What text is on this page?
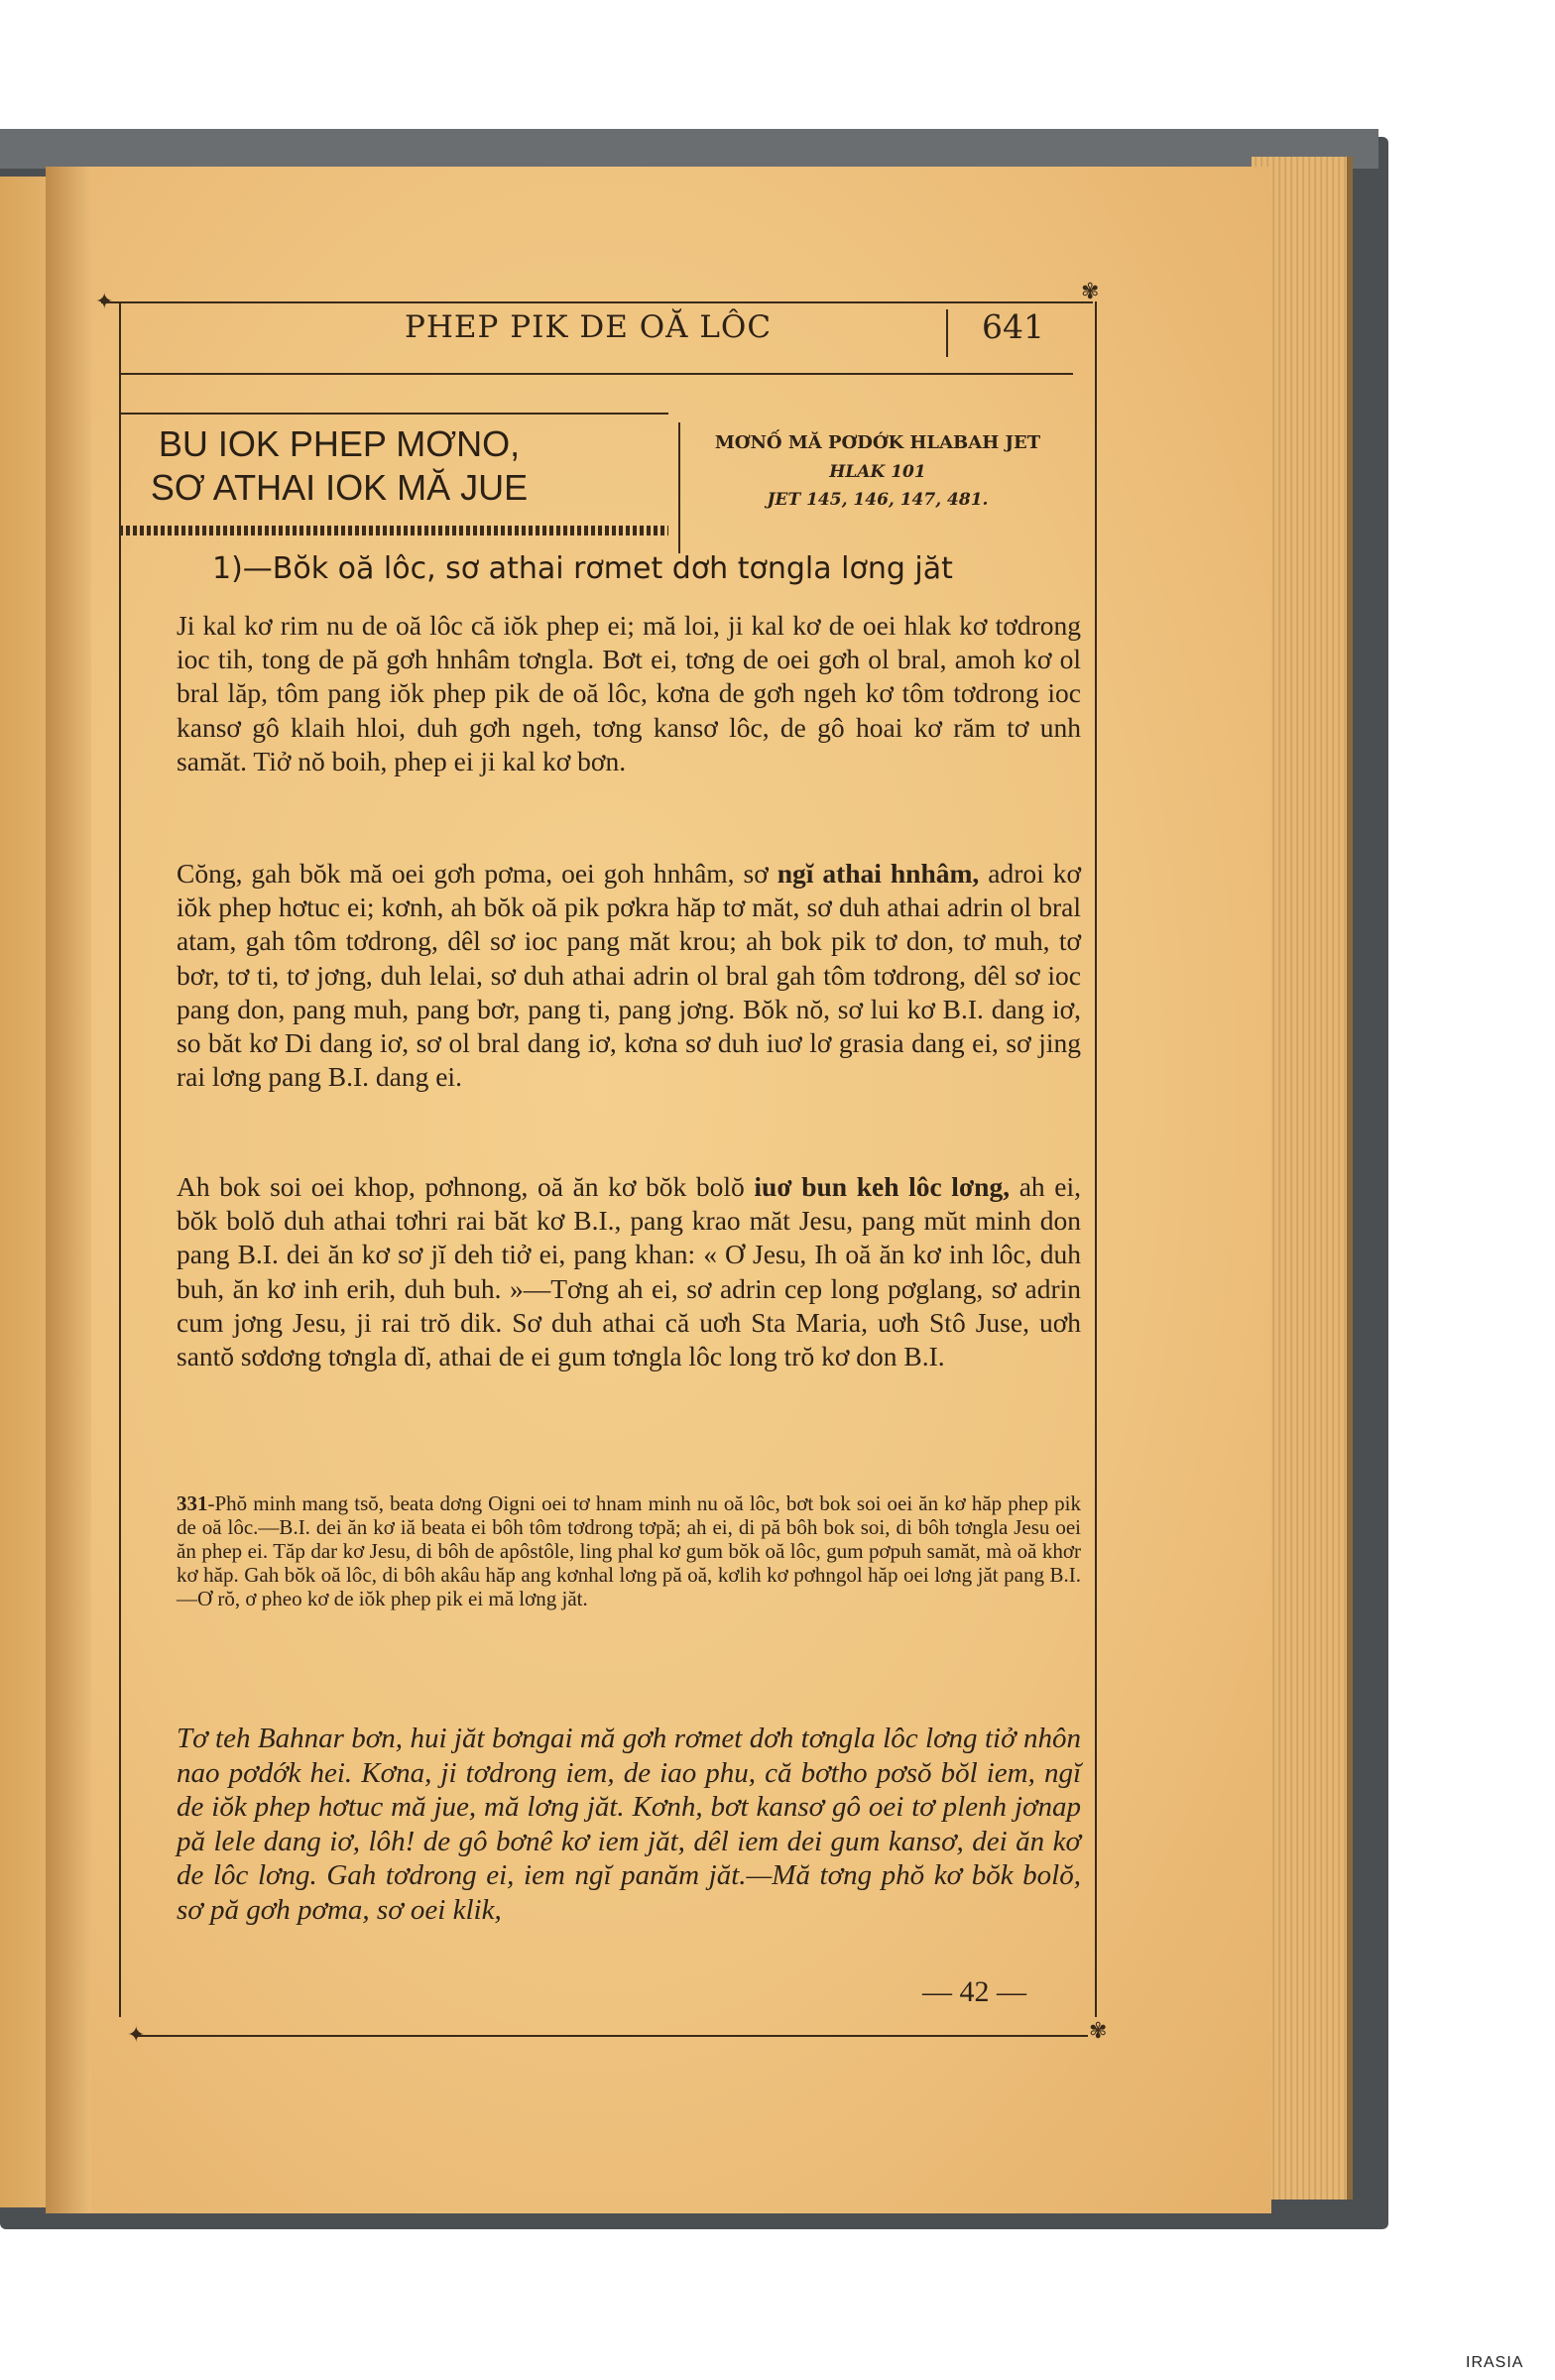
✦	✾
✦	✾
PHEP PIK DE OĂ LÔC	641
BU IOK PHEP MƠNO,
SƠ ATHAI IOK MĂ JUE
MƠNỐ MĂ PƠDỚK HLABAH JET
HLAK 101
JET 145, 146, 147, 481.
1)—Bŏk oă lôc, sơ athai rơmet dơh tơngla lơng jăt
Ji kal kơ rim nu de oă lôc că iŏk phep ei; mă loi, ji kal kơ de oei hlak kơ tơdrong ioc tih, tong de pă gơh hnhâm tơngla. Bơt ei, tơng de oei gơh ol bral, amoh kơ ol bral lăp, tôm pang iŏk phep pik de oă lôc, kơna de gơh ngeh kơ tôm tơdrong ioc kansơ gô klaih hloi, duh gơh ngeh, tơng kansơ lôc, de gô hoai kơ răm tơ unh samăt. Tiở nŏ boih, phep ei ji kal kơ bơn.
Cŏng, gah bŏk mă oei gơh pơma, oei goh hnhâm, sơ ngĭ athai hnhâm, adroi kơ iŏk phep hơtuc ei; kơnh, ah bŏk oă pik pơkra hăp tơ măt, sơ duh athai adrin ol bral atam, gah tôm tơdrong, dêl sơ ioc pang măt krou; ah bok pik tơ don, tơ muh, tơ bơr, tơ ti, tơ jơng, duh lelai, sơ duh athai adrin ol bral gah tôm tơdrong, dêl sơ ioc pang don, pang muh, pang bơr, pang ti, pang jơng. Bŏk nŏ, sơ lui kơ B.I. dang iơ, so băt kơ Di dang iơ, sơ ol bral dang iơ, kơna sơ duh iuơ lơ grasia dang ei, sơ jing rai lơng pang B.I. dang ei.
Ah bok soi oei khop, pơhnong, oă ăn kơ bŏk bolŏ iuơ bun keh lôc lơng, ah ei, bŏk bolŏ duh athai tơhri rai băt kơ B.I., pang krao măt Jesu, pang mŭt minh don pang B.I. dei ăn kơ sơ jĭ deh tiở ei, pang khan: « Ơ Jesu, Ih oă ăn kơ inh lôc, duh buh, ăn kơ inh erih, duh buh. »—Tơng ah ei, sơ adrin cep long pơglang, sơ adrin cum jơng Jesu, ji rai trŏ dik. Sơ duh athai că uơh Sta Maria, uơh Stô Juse, uơh santŏ sơdơng tơngla dĭ, athai de ei gum tơngla lôc long trŏ kơ don B.I.
331-Phŏ minh mang tsŏ, beata dơng Oigni oei tơ hnam minh nu oă lôc, bơt bok soi oei ăn kơ hăp phep pik de oă lôc.—B.I. dei ăn kơ iă beata ei bôh tôm tơdrong tơpă; ah ei, di pă bôh bok soi, di bôh tơngla Jesu oei ăn phep ei. Tăp dar kơ Jesu, di bôh de apôstôle, ling phal kơ gum bŏk oă lôc, gum pơpuh samăt, mà oă khơr kơ hăp. Gah bŏk oă lôc, di bôh akâu hăp ang kơnhal lơng pă oă, kơlih kơ pơhngol hăp oei lơng jăt pang B.I.—Ơ rŏ, ơ pheo kơ de iŏk phep pik ei mă lơng jăt.
Tơ teh Bahnar bơn, hui jăt bơngai mă gơh rơmet dơh tơngla lôc lơng tiở nhôn nao pơdớk hei. Kơna, ji tơdrong iem, de iao phu, că bơtho pơsŏ bŏl iem, ngĭ de iŏk phep hơtuc mă jue, mă lơng jăt. Kơnh, bơt kansơ gô oei tơ plenh jơnap pă lele dang iơ, lôh! de gô bơnê kơ iem jăt, dêl iem dei gum kansơ, dei ăn kơ de lôc lơng. Gah tơdrong ei, iem ngĭ panăm jăt.—Mă tơng phŏ kơ bŏk bolŏ, sơ pă gơh pơma, sơ oei klik,
— 42 —
IRASIA
